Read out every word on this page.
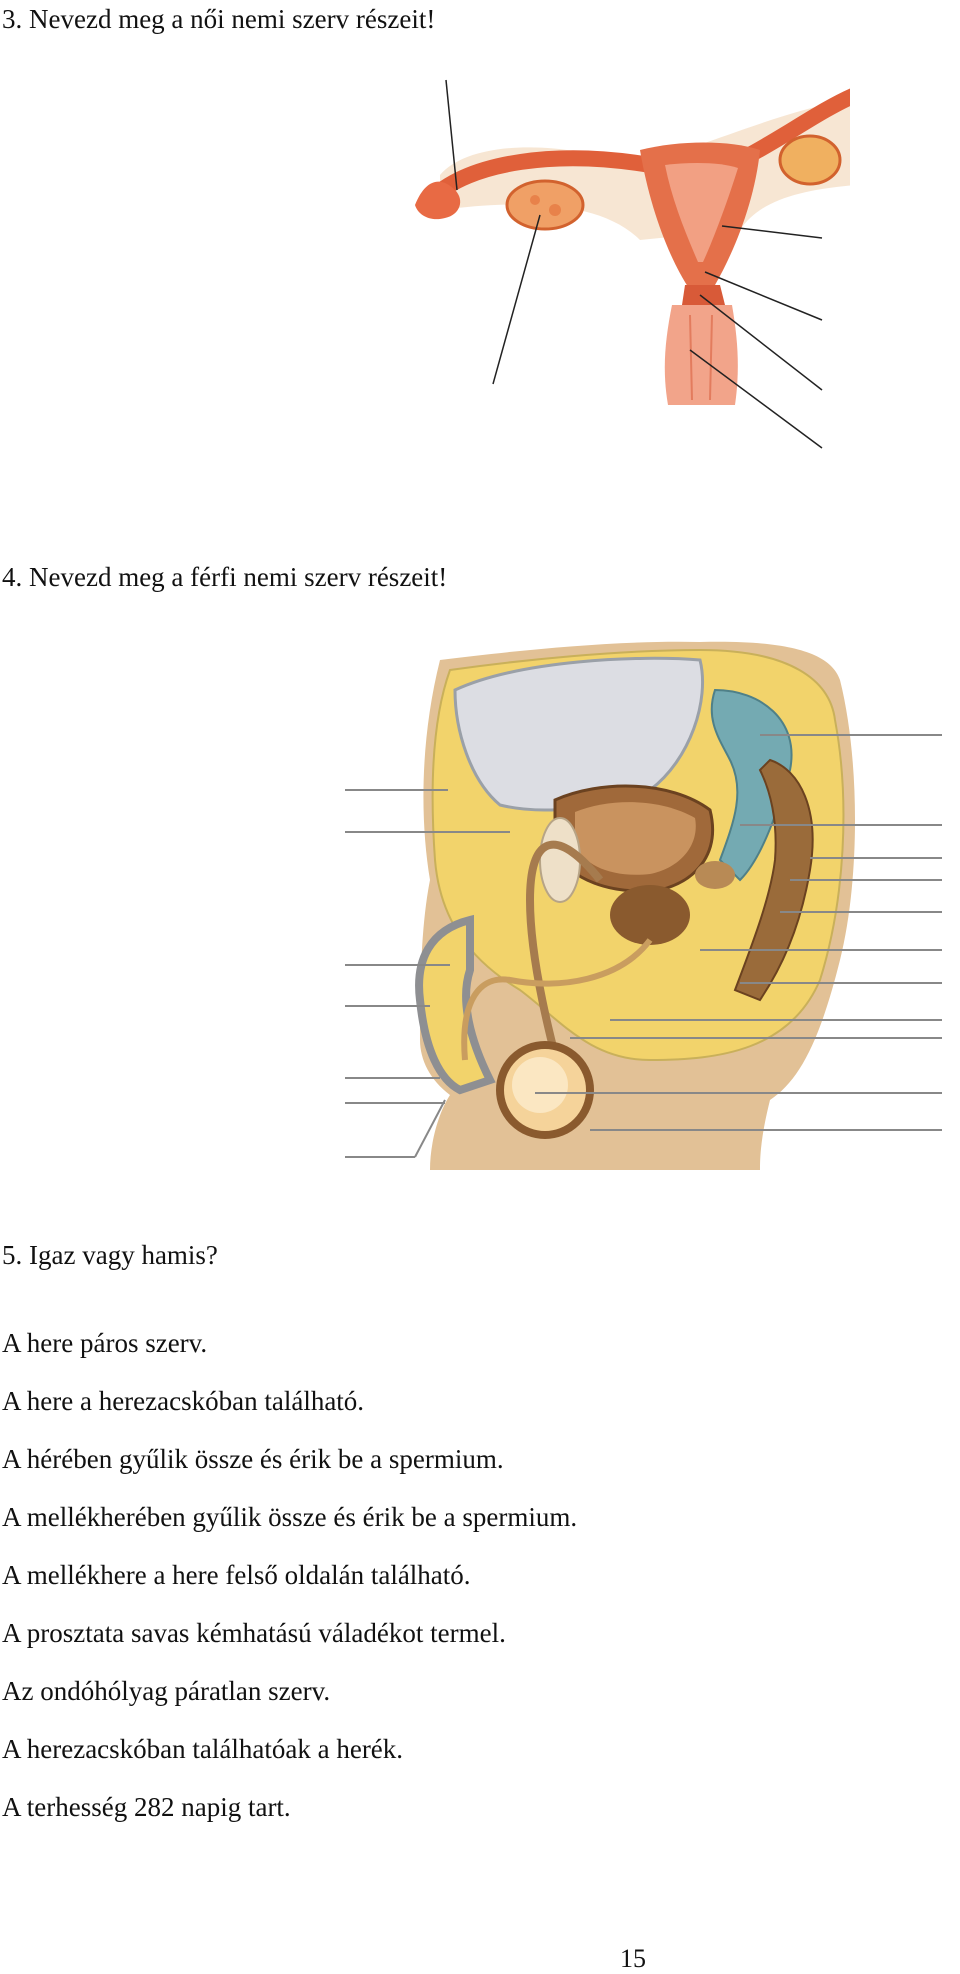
3. Nevezd meg a női nemi szerv részeit!
4. Nevezd meg a férfi nemi szerv részeit!
5. Igaz vagy hamis?
A here páros szerv.
A here a herezacskóban található.
A hérében gyűlik össze és érik be a spermium.
A mellékherében gyűlik össze és érik be a spermium.
A mellékhere a here felső oldalán található.
A prosztata savas kémhatású váladékot termel.
Az ondóhólyag páratlan szerv.
A herezacskóban találhatóak a herék.
A terhesség 282 napig tart.
15
